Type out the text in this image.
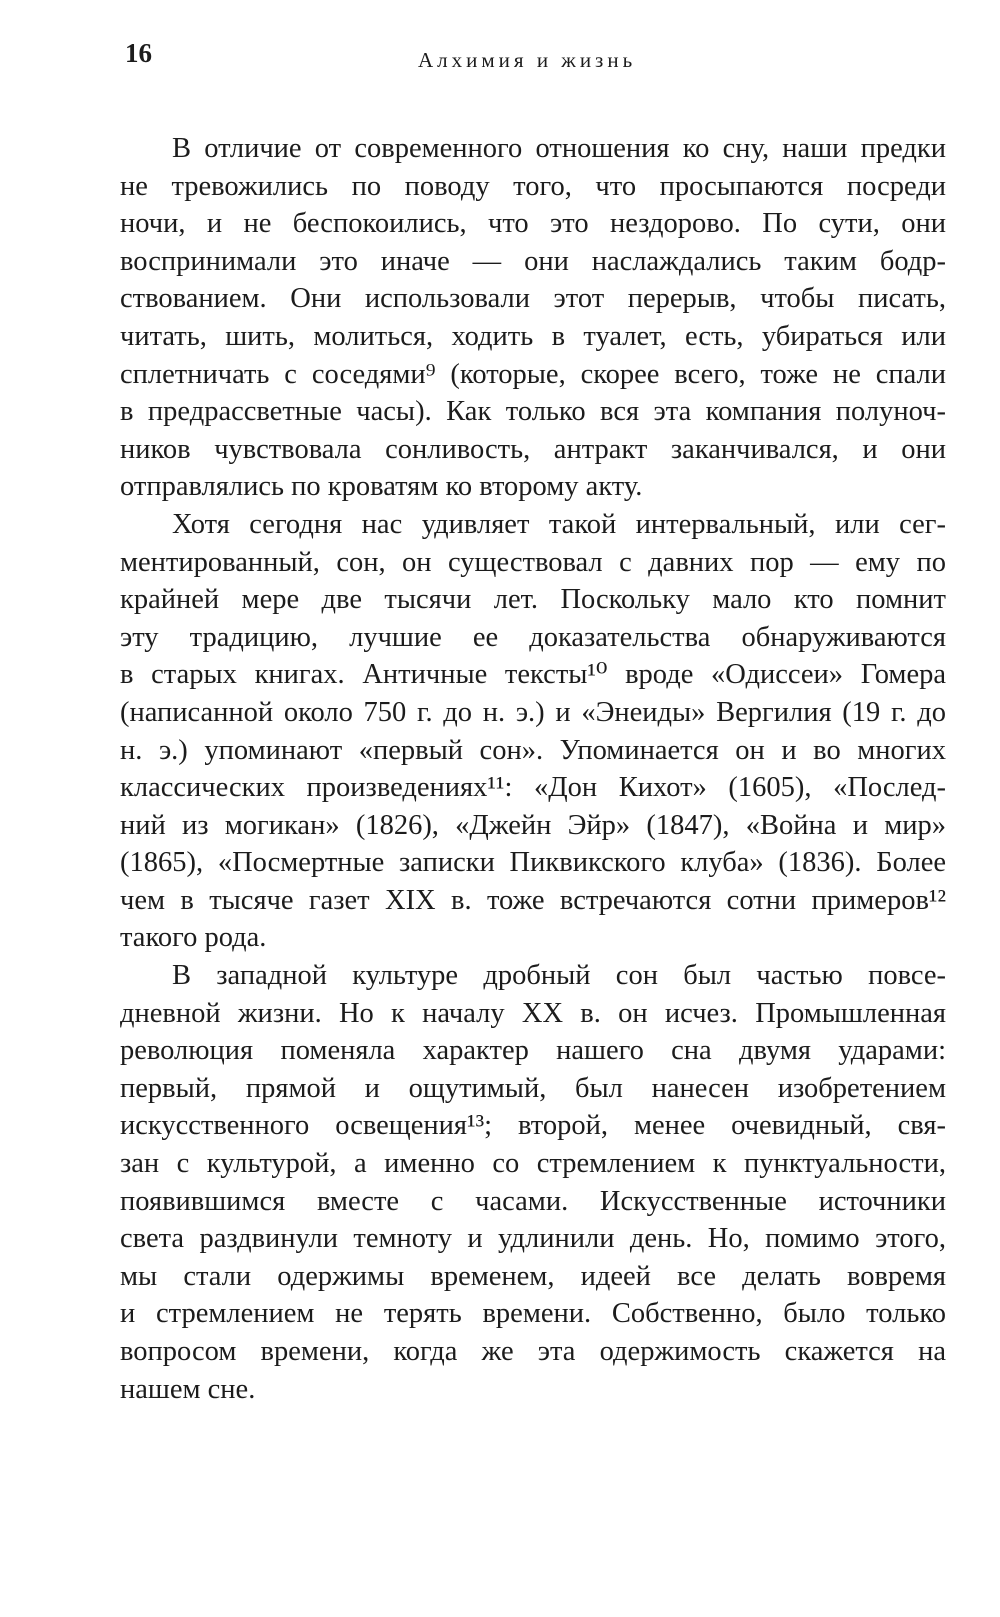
16	Алхимия и жизнь

В отличие от современного отношения ко сну, наши предки
не тревожились по поводу того, что просыпаются посреди
ночи, и не беспокоились, что это нездорово. По сути, они
воспринимали это иначе — они наслаждались таким бодр-
ствованием. Они использовали этот перерыв, чтобы писать,
читать, шить, молиться, ходить в туалет, есть, убираться или
сплетничать с соседями⁹ (которые, скорее всего, тоже не спали
в предрассветные часы). Как только вся эта компания полуноч-
ников чувствовала сонливость, антракт заканчивался, и они
отправлялись по кроватям ко второму акту.

Хотя сегодня нас удивляет такой интервальный, или сег-
ментированный, сон, он существовал с давних пор — ему по
крайней мере две тысячи лет. Поскольку мало кто помнит
эту традицию, лучшие ее доказательства обнаруживаются
в старых книгах. Античные тексты¹⁰ вроде «Одиссеи» Гомера
(написанной около 750 г. до н. э.) и «Энеиды» Вергилия (19 г. до
н. э.) упоминают «первый сон». Упоминается он и во многих
классических произведениях¹¹: «Дон Кихот» (1605), «Послед-
ний из могикан» (1826), «Джейн Эйр» (1847), «Война и мир»
(1865), «Посмертные записки Пиквикского клуба» (1836). Более
чем в тысяче газет XIX в. тоже встречаются сотни примеров¹²
такого рода.

В западной культуре дробный сон был частью повсе-
дневной жизни. Но к началу XX в. он исчез. Промышленная
революция поменяла характер нашего сна двумя ударами:
первый, прямой и ощутимый, был нанесен изобретением
искусственного освещения¹³; второй, менее очевидный, свя-
зан с культурой, а именно со стремлением к пунктуальности,
появившимся вместе с часами. Искусственные источники
света раздвинули темноту и удлинили день. Но, помимо этого,
мы стали одержимы временем, идеей все делать вовремя
и стремлением не терять времени. Собственно, было только
вопросом времени, когда же эта одержимость скажется на
нашем сне.
